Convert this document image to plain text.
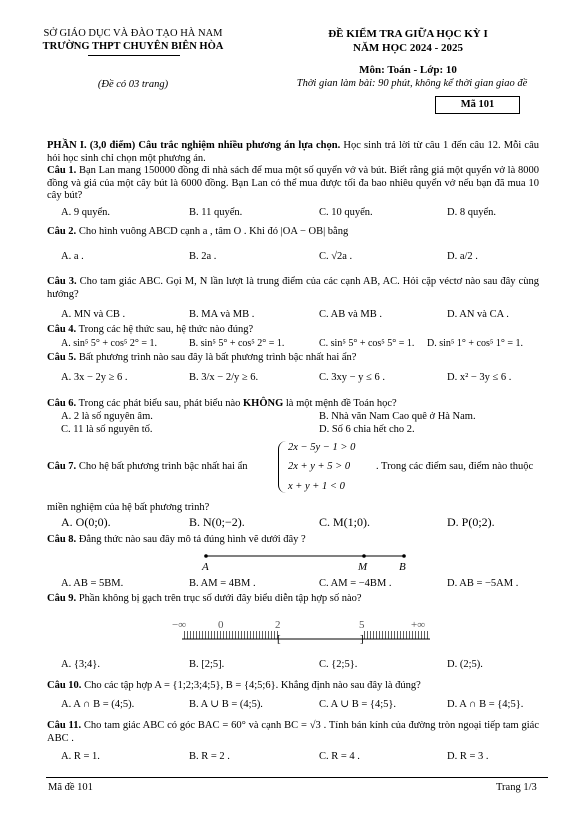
SỞ GIÁO DỤC VÀ ĐÀO TẠO HÀ NAM
TRƯỜNG THPT CHUYÊN BIÊN HÒA
(Đề có 03 trang)
ĐỀ KIỂM TRA GIỮA HỌC KỲ I
NĂM HỌC 2024 - 2025
Môn: Toán - Lớp: 10
Thời gian làm bài: 90 phút, không kể thời gian giao đề
Mã 101
PHẦN I. (3,0 điểm) Câu trắc nghiệm nhiều phương án lựa chọn. Học sinh trả lời từ câu 1 đến câu 12. Mỗi câu hỏi học sinh chỉ chọn một phương án.
Câu 1. Bạn Lan mang 150000 đồng đi nhà sách để mua một số quyển vở và bút. Biết rằng giá một quyển vở là 8000 đồng và giá của một cây bút là 6000 đồng. Bạn Lan có thể mua được tối đa bao nhiêu quyển vở nếu bạn đã mua 10 cây bút?
A. 9 quyển.	B. 11 quyển.	C. 10 quyển.	D. 8 quyển.
Câu 2. Cho hình vuông ABCD cạnh a , tâm O . Khi đó |OA − OB| bằng
A. a .	B. 2a .	C. √2a .	D. a/2 .
Câu 3. Cho tam giác ABC. Gọi M, N lần lượt là trung điểm của các cạnh AB, AC. Hỏi cặp véctơ nào sau đây cùng hướng?
A. MN và CB .	B. MA và MB .	C. AB và MB .	D. AN và CA .
Câu 4. Trong các hệ thức sau, hệ thức nào đúng?
A. sin⁵ 5° + cos⁵ 2° = 1.	B. sin⁵ 5° + cos⁵ 2° = 1.	C. sin⁵ 5° + cos⁵ 5° = 1. D. sin⁵ 1° + cos⁵ 1° = 1.
Câu 5. Bất phương trình nào sau đây là bất phương trình bậc nhất hai ẩn?
A. 3x − 2y ≥ 6 .	B. 3/x − 2/y ≥ 6.	C. 3xy − y ≤ 6 .	D. x² − 3y ≤ 6 .
Câu 6. Trong các phát biểu sau, phát biểu nào KHÔNG là một mệnh đề Toán học?
A. 2 là số nguyên âm.	B. Nhà văn Nam Cao quê ở Hà Nam.
C. 11 là số nguyên tố.	D. Số 6 chia hết cho 2.
Câu 7. Cho hệ bất phương trình bậc nhất hai ẩn
2x − 5y − 1 > 0
2x + y + 5 > 0
x + y + 1 < 0
. Trong các điểm sau, điểm nào thuộc
miền nghiệm của hệ bất phương trình?
A. O(0;0).	B. N(0;−2).	C. M(1;0).	D. P(0;2).
Câu 8. Đẳng thức nào sau đây mô tả đúng hình vẽ dưới đây ?
A	M	B
A. AB = 5BM.	B. AM = 4BM .	C. AM = −4BM .	D. AB = −5AM .
Câu 9. Phần không bị gạch trên trục số dưới đây biểu diễn tập hợp số nào?
−∞	0	2	5	+∞
[	]
A. {3;4}.	B. [2;5].	C. {2;5}.	D. (2;5).
Câu 10. Cho các tập hợp A = {1;2;3;4;5}, B = {4;5;6}. Khẳng định nào sau đây là đúng?
A. A ∩ B = (4;5).	B. A ∪ B = (4;5).	C. A ∪ B = {4;5}.	D. A ∩ B = {4;5}.
Câu 11. Cho tam giác ABC có góc BAC = 60° và cạnh BC = √3 . Tính bán kính của đường tròn ngoại tiếp tam giác ABC .
A. R = 1.	B. R = 2 .	C. R = 4 .	D. R = 3 .
Mã đề 101	Trang 1/3
